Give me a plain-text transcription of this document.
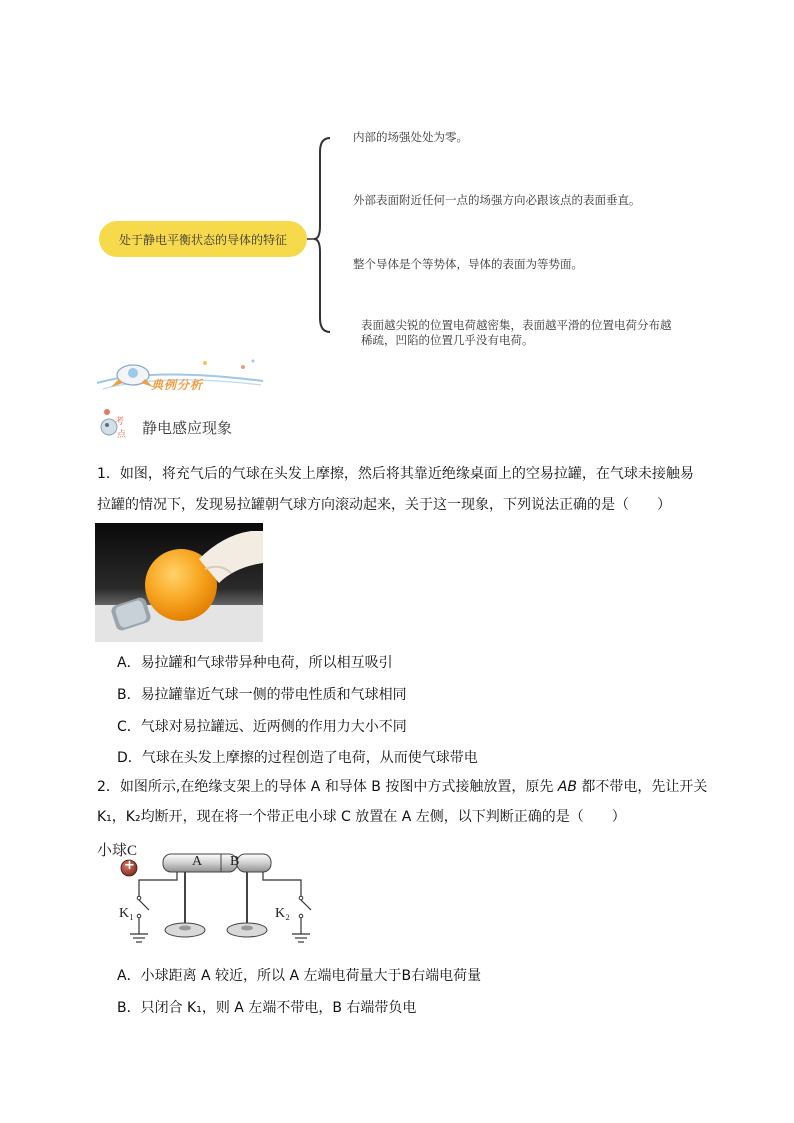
处于静电平衡状态的导体的特征
内部的场强处处为零。
外部表面附近任何一点的场强方向必跟该点的表面垂直。
整个导体是个等势体，导体的表面为等势面。
表面越尖锐的位置电荷越密集，表面越平滑的位置电荷分布越
稀疏，凹陷的位置几乎没有电荷。
典例分析
考
点 静电感应现象
1．如图，将充气后的气球在头发上摩擦，然后将其靠近绝缘桌面上的空易拉罐，在气球未接触易
拉罐的情况下，发现易拉罐朝气球方向滚动起来，关于这一现象，下列说法正确的是（　　）
A．易拉罐和气球带异种电荷，所以相互吸引
B．易拉罐靠近气球一侧的带电性质和气球相同
C．气球对易拉罐远、近两侧的作用力大小不同
D．气球在头发上摩擦的过程创造了电荷，从而使气球带电
2．如图所示,在绝缘支架上的导体 A 和导体 B 按图中方式接触放置，原先 AB 都不带电，先让开关
K₁，K₂均断开，现在将一个带正电小球 C 放置在 A 左侧，以下判断正确的是（　　）
小球C
+	A B
K₁	K₂
A．小球距离 A 较近，所以 A 左端电荷量大于B右端电荷量
B．只闭合 K₁，则 A 左端不带电，B 右端带负电
